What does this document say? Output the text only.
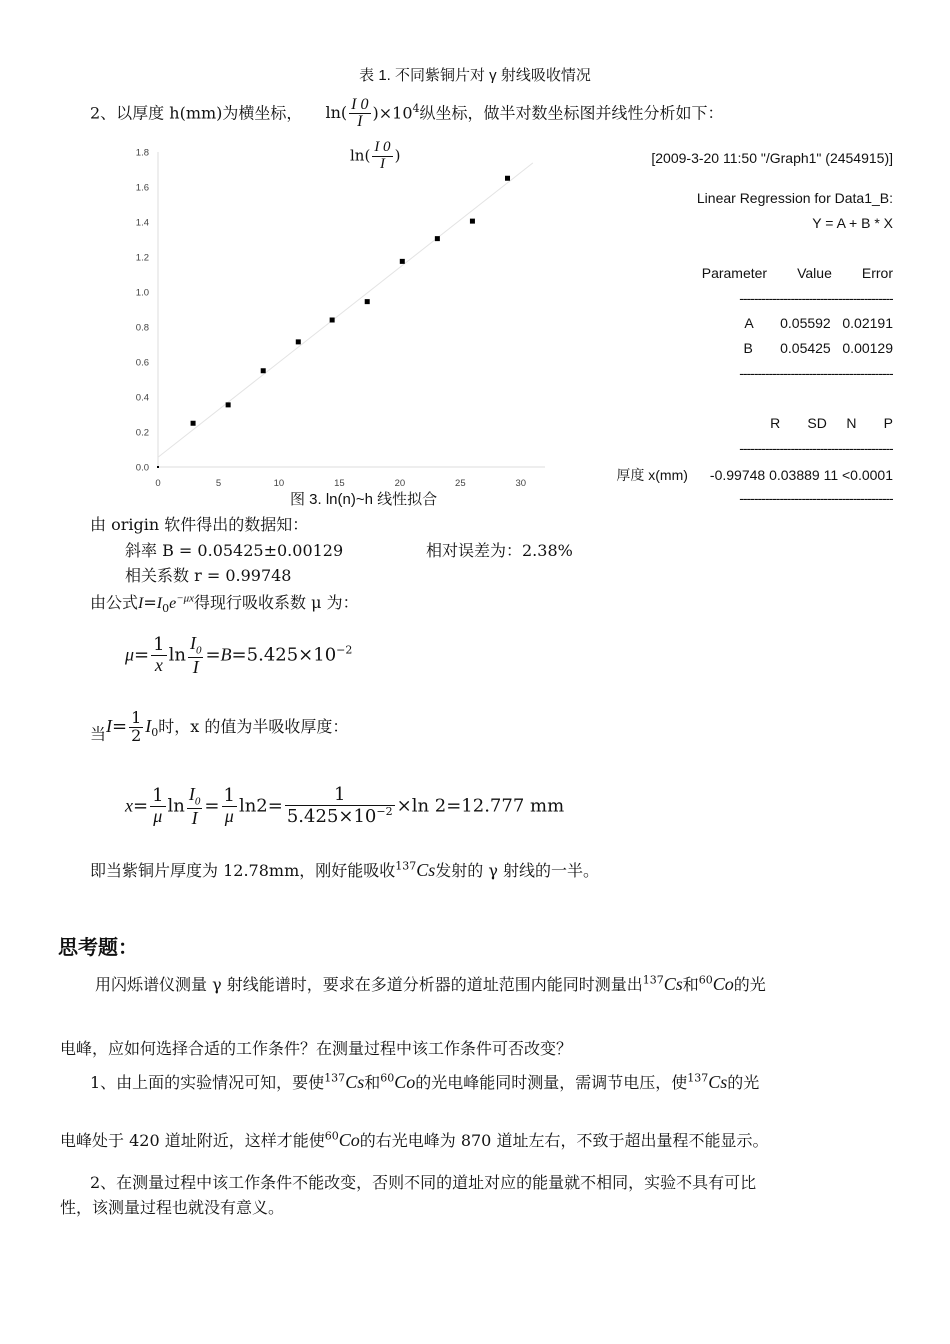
表 1. 不同紫铜片对 γ 射线吸收情况
2、以厚度 h(mm)为横坐标， $\ln( \frac{I 0}{I} )\times 10^4$纵坐标，做半对数坐标图并线性分析如下：
0.0
0.2
0.4
0.6
0.8
1.0
1.2
1.4
1.6
1.8
0	5	10	15	20	25	30
$\ln( \frac{I 0}{I}$ )
图 3. ln(n)~h 线性拟合
[2009-3-20 11:50 "/Graph1" (2454915)]
Linear Regression for Data1_B:
Y = A + B * X
Parameter Value Error
------------------------------------------
A       0.05592   0.02191
B       0.05425   0.00129
------------------------------------------
R       SD     N       P
------------------------------------------
厚度 x(mm) -0.99748 0.03889 11 <0.0001
------------------------------------------
由 origin 软件得出的数据知：
斜率 B = 0.05425±0.00129	相对误差为：2.38%
相关系数 r = 0.99748
由公式$I=I_0e^{-\mu x}$得现行吸收系数 μ 为：
$\mu= \frac{1}{x}$ $\ln \frac{I_0}{I} =B=5.425\times 10^{-2}$
当$I= \frac{1}{2} I_0$时，x 的值为半吸收厚度：
$x= \frac{1}{\mu}$ $\ln \frac{I_0}{I} = \frac{1}{\mu} \ln 2= \frac{1}{5.425\times 10^{-2}} \times\ln$ 2=12.777 mm
即当紫铜片厚度为 12.78mm，刚好能吸收$^{137}$Cs发射的 γ 射线的一半。
思考题：
用闪烁谱仪测量 γ 射线能谱时，要求在多道分析器的道址范围内能同时测量出$^{137}$Cs和$^{60}$Co的光
电峰，应如何选择合适的工作条件？在测量过程中该工作条件可否改变？
1、由上面的实验情况可知，要使$^{137}$Cs和$^{60}$Co的光电峰能同时测量，需调节电压，使$^{137}$Cs的光
电峰处于 420 道址附近，这样才能使$^{60}$Co的右光电峰为 870 道址左右，不致于超出量程不能显示。
2、在测量过程中该工作条件不能改变，否则不同的道址对应的能量就不相同，实验不具有可比
性，该测量过程也就没有意义。
